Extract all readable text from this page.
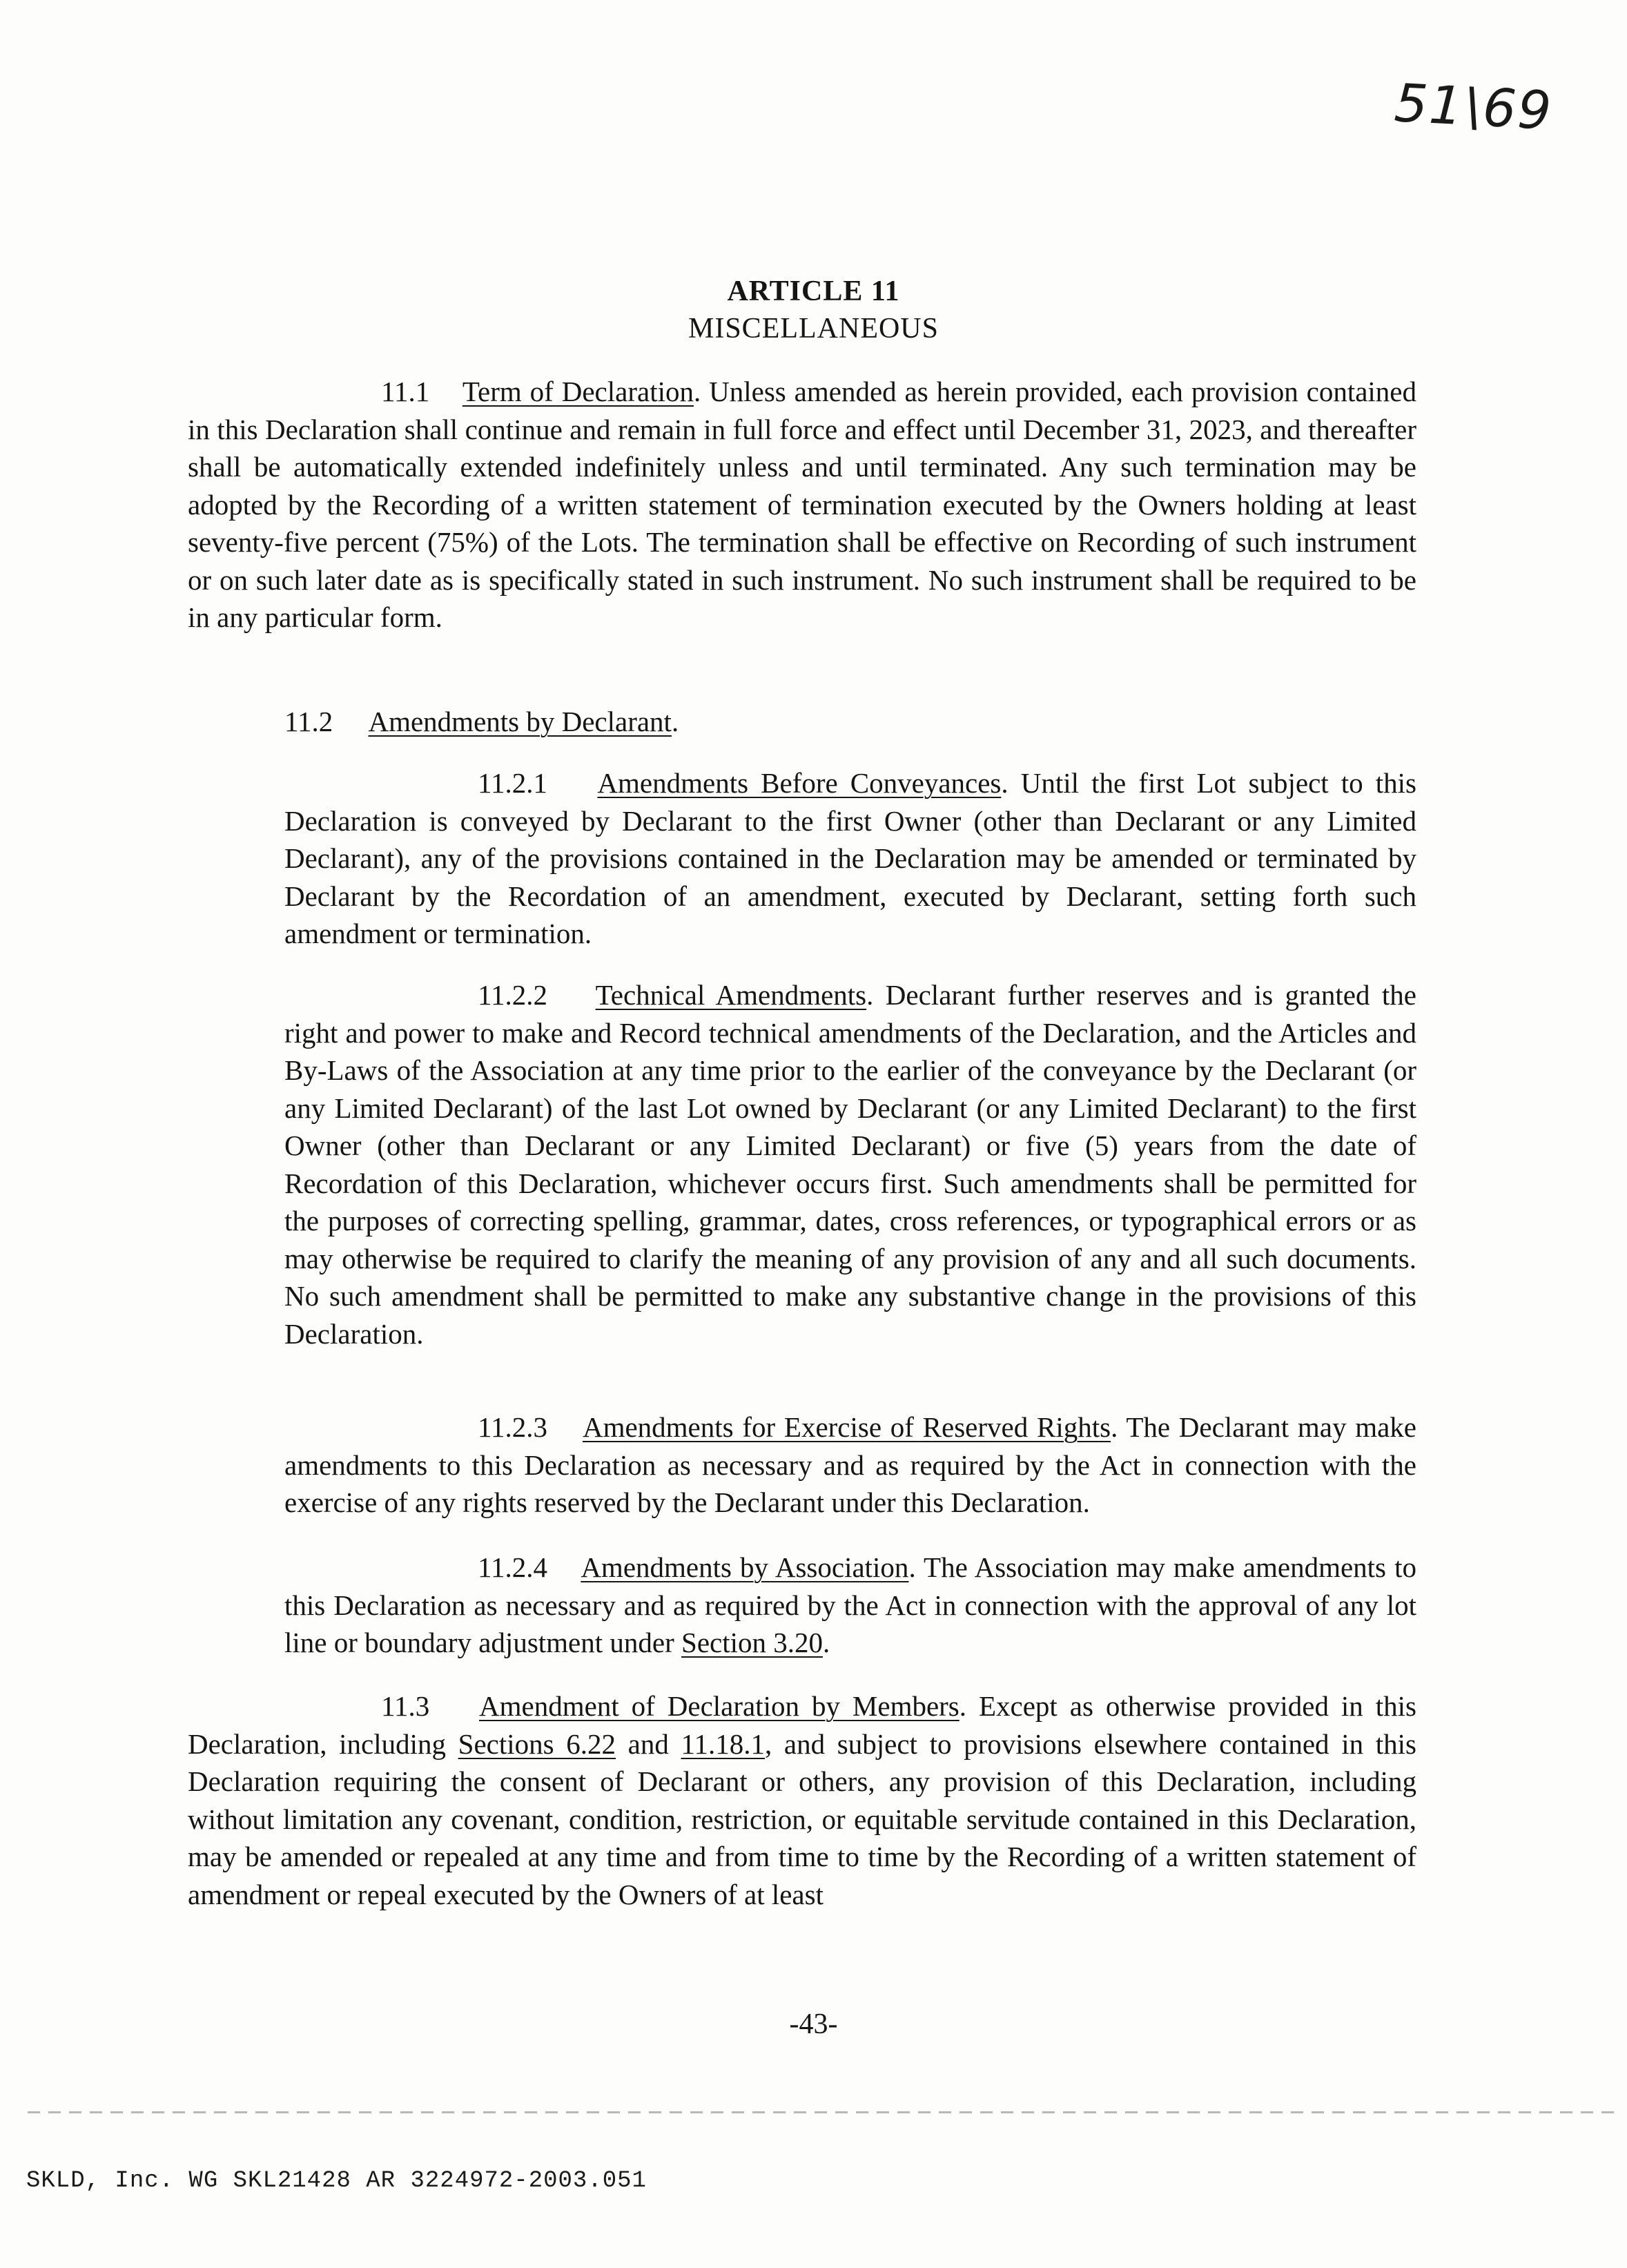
51\69
ARTICLE 11
MISCELLANEOUS

11.1 Term of Declaration. Unless amended as herein provided, each provision contained in this Declaration shall continue and remain in full force and effect until December 31, 2023, and thereafter shall be automatically extended indefinitely unless and until terminated. Any such termination may be adopted by the Recording of a written statement of termination executed by the Owners holding at least seventy-five percent (75%) of the Lots. The termination shall be effective on Recording of such instrument or on such later date as is specifically stated in such instrument. No such instrument shall be required to be in any particular form.

11.2 Amendments by Declarant.

11.2.1 Amendments Before Conveyances. Until the first Lot subject to this Declaration is conveyed by Declarant to the first Owner (other than Declarant or any Limited Declarant), any of the provisions contained in the Declaration may be amended or terminated by Declarant by the Recordation of an amendment, executed by Declarant, setting forth such amendment or termination.

11.2.2 Technical Amendments. Declarant further reserves and is granted the right and power to make and Record technical amendments of the Declaration, and the Articles and By-Laws of the Association at any time prior to the earlier of the conveyance by the Declarant (or any Limited Declarant) of the last Lot owned by Declarant (or any Limited Declarant) to the first Owner (other than Declarant or any Limited Declarant) or five (5) years from the date of Recordation of this Declaration, whichever occurs first. Such amendments shall be permitted for the purposes of correcting spelling, grammar, dates, cross references, or typographical errors or as may otherwise be required to clarify the meaning of any provision of any and all such documents. No such amendment shall be permitted to make any substantive change in the provisions of this Declaration.

11.2.3 Amendments for Exercise of Reserved Rights. The Declarant may make amendments to this Declaration as necessary and as required by the Act in connection with the exercise of any rights reserved by the Declarant under this Declaration.

11.2.4 Amendments by Association. The Association may make amendments to this Declaration as necessary and as required by the Act in connection with the approval of any lot line or boundary adjustment under Section 3.20.

11.3 Amendment of Declaration by Members. Except as otherwise provided in this Declaration, including Sections 6.22 and 11.18.1, and subject to provisions elsewhere contained in this Declaration requiring the consent of Declarant or others, any provision of this Declaration, including without limitation any covenant, condition, restriction, or equitable servitude contained in this Declaration, may be amended or repealed at any time and from time to time by the Recording of a written statement of amendment or repeal executed by the Owners of at least

-43-
SKLD, Inc. WG SKL21428 AR 3224972-2003.051
